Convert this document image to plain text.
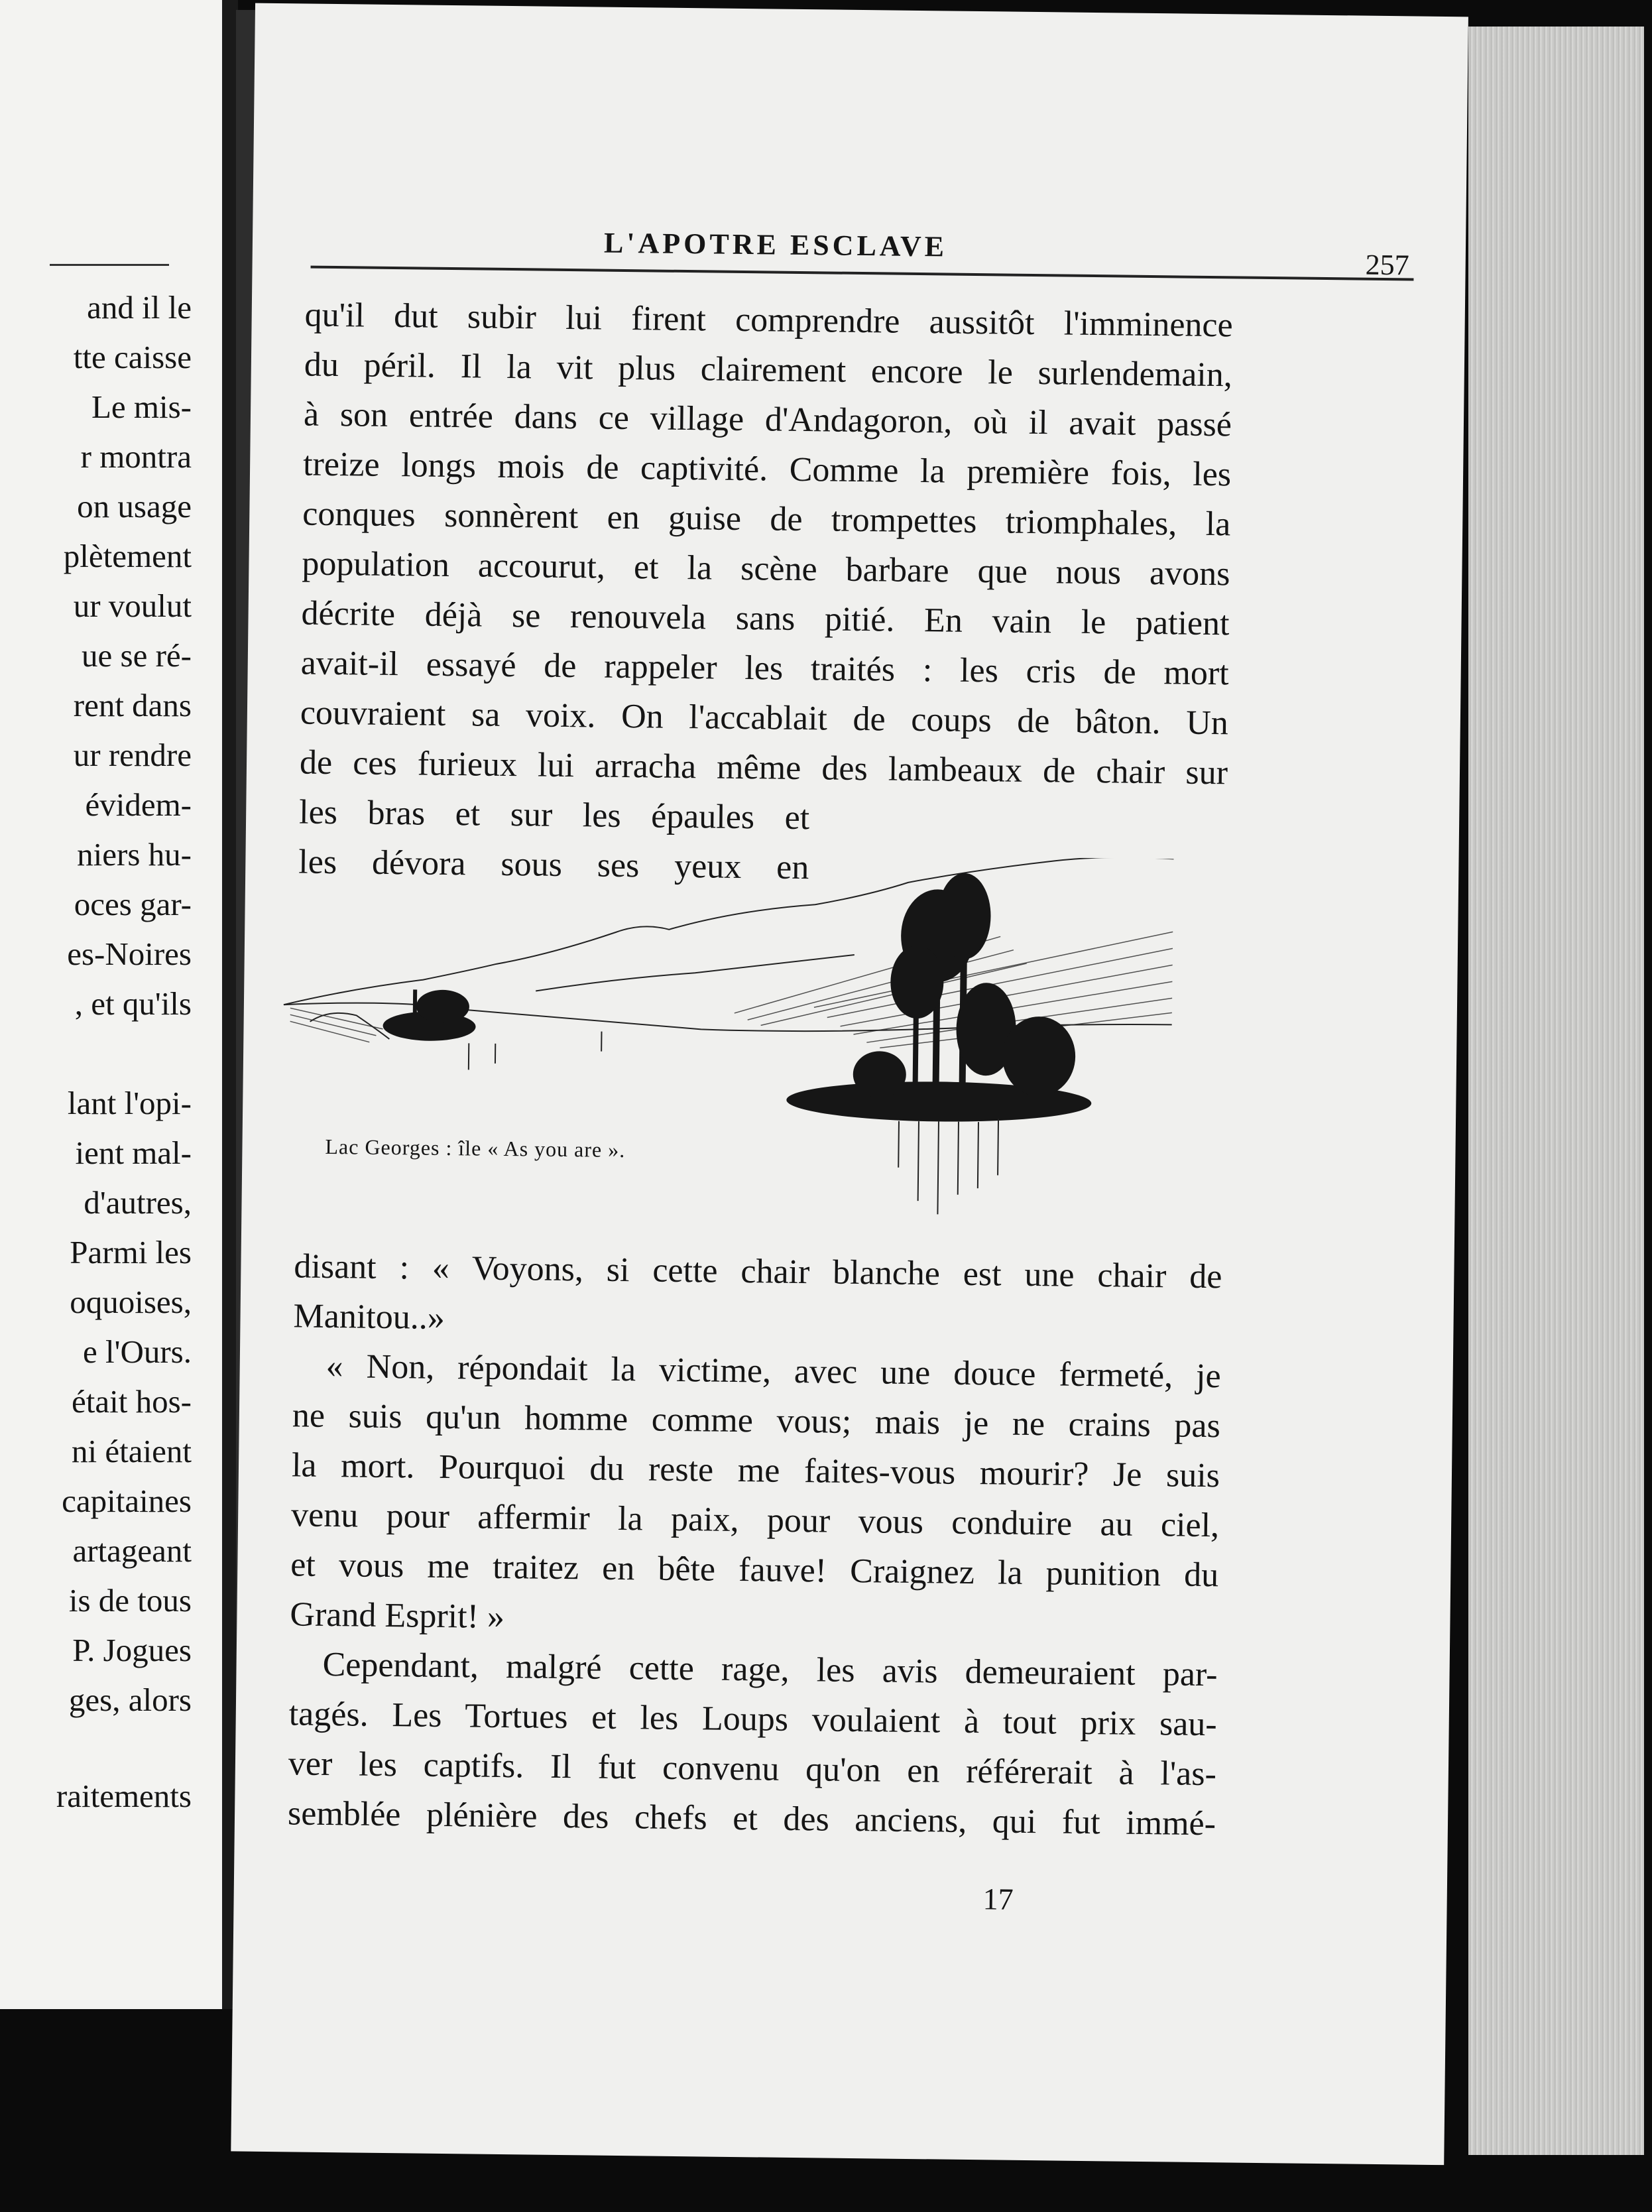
and il le
tte caisse
Le mis-
r montra
on usage
plètement
ur voulut
ue se ré-
rent dans
ur rendre
évidem-
niers hu-
oces gar-
es-Noires
, et qu'ils
lant l'opi-
ient mal-
d'autres,
Parmi les
oquoises,
e l'Ours.
était hos-
ni étaient
capitaines
artageant
is de tous
P. Jogues
ges, alors
raitements
L'APOTRE ESCLAVE
257
qu'il dut subir lui firent comprendre aussitôt l'imminence
du péril. Il la vit plus clairement encore le surlendemain,
à son entrée dans ce village d'Andagoron, où il avait passé
treize longs mois de captivité. Comme la première fois, les
conques sonnèrent en guise de trompettes triomphales, la
population accourut, et la scène barbare que nous avons
décrite déjà se renouvela sans pitié. En vain le patient
avait-il essayé de rappeler les traités : les cris de mort
couvraient sa voix. On l'accablait de coups de bâton. Un
de ces furieux lui arracha même des lambeaux de chair sur
les bras et sur les épaules et
les dévora sous ses yeux en
Lac Georges : île « As you are ».
disant : « Voyons, si cette chair blanche est une chair de
Manitou..»
« Non, répondait la victime, avec une douce fermeté, je
ne suis qu'un homme comme vous; mais je ne crains pas
la mort. Pourquoi du reste me faites-vous mourir? Je suis
venu pour affermir la paix, pour vous conduire au ciel,
et vous me traitez en bête fauve! Craignez la punition du
Grand Esprit! »
Cependant, malgré cette rage, les avis demeuraient par-
tagés. Les Tortues et les Loups voulaient à tout prix sau-
ver les captifs. Il fut convenu qu'on en référerait à l'as-
semblée plénière des chefs et des anciens, qui fut immé-
17
